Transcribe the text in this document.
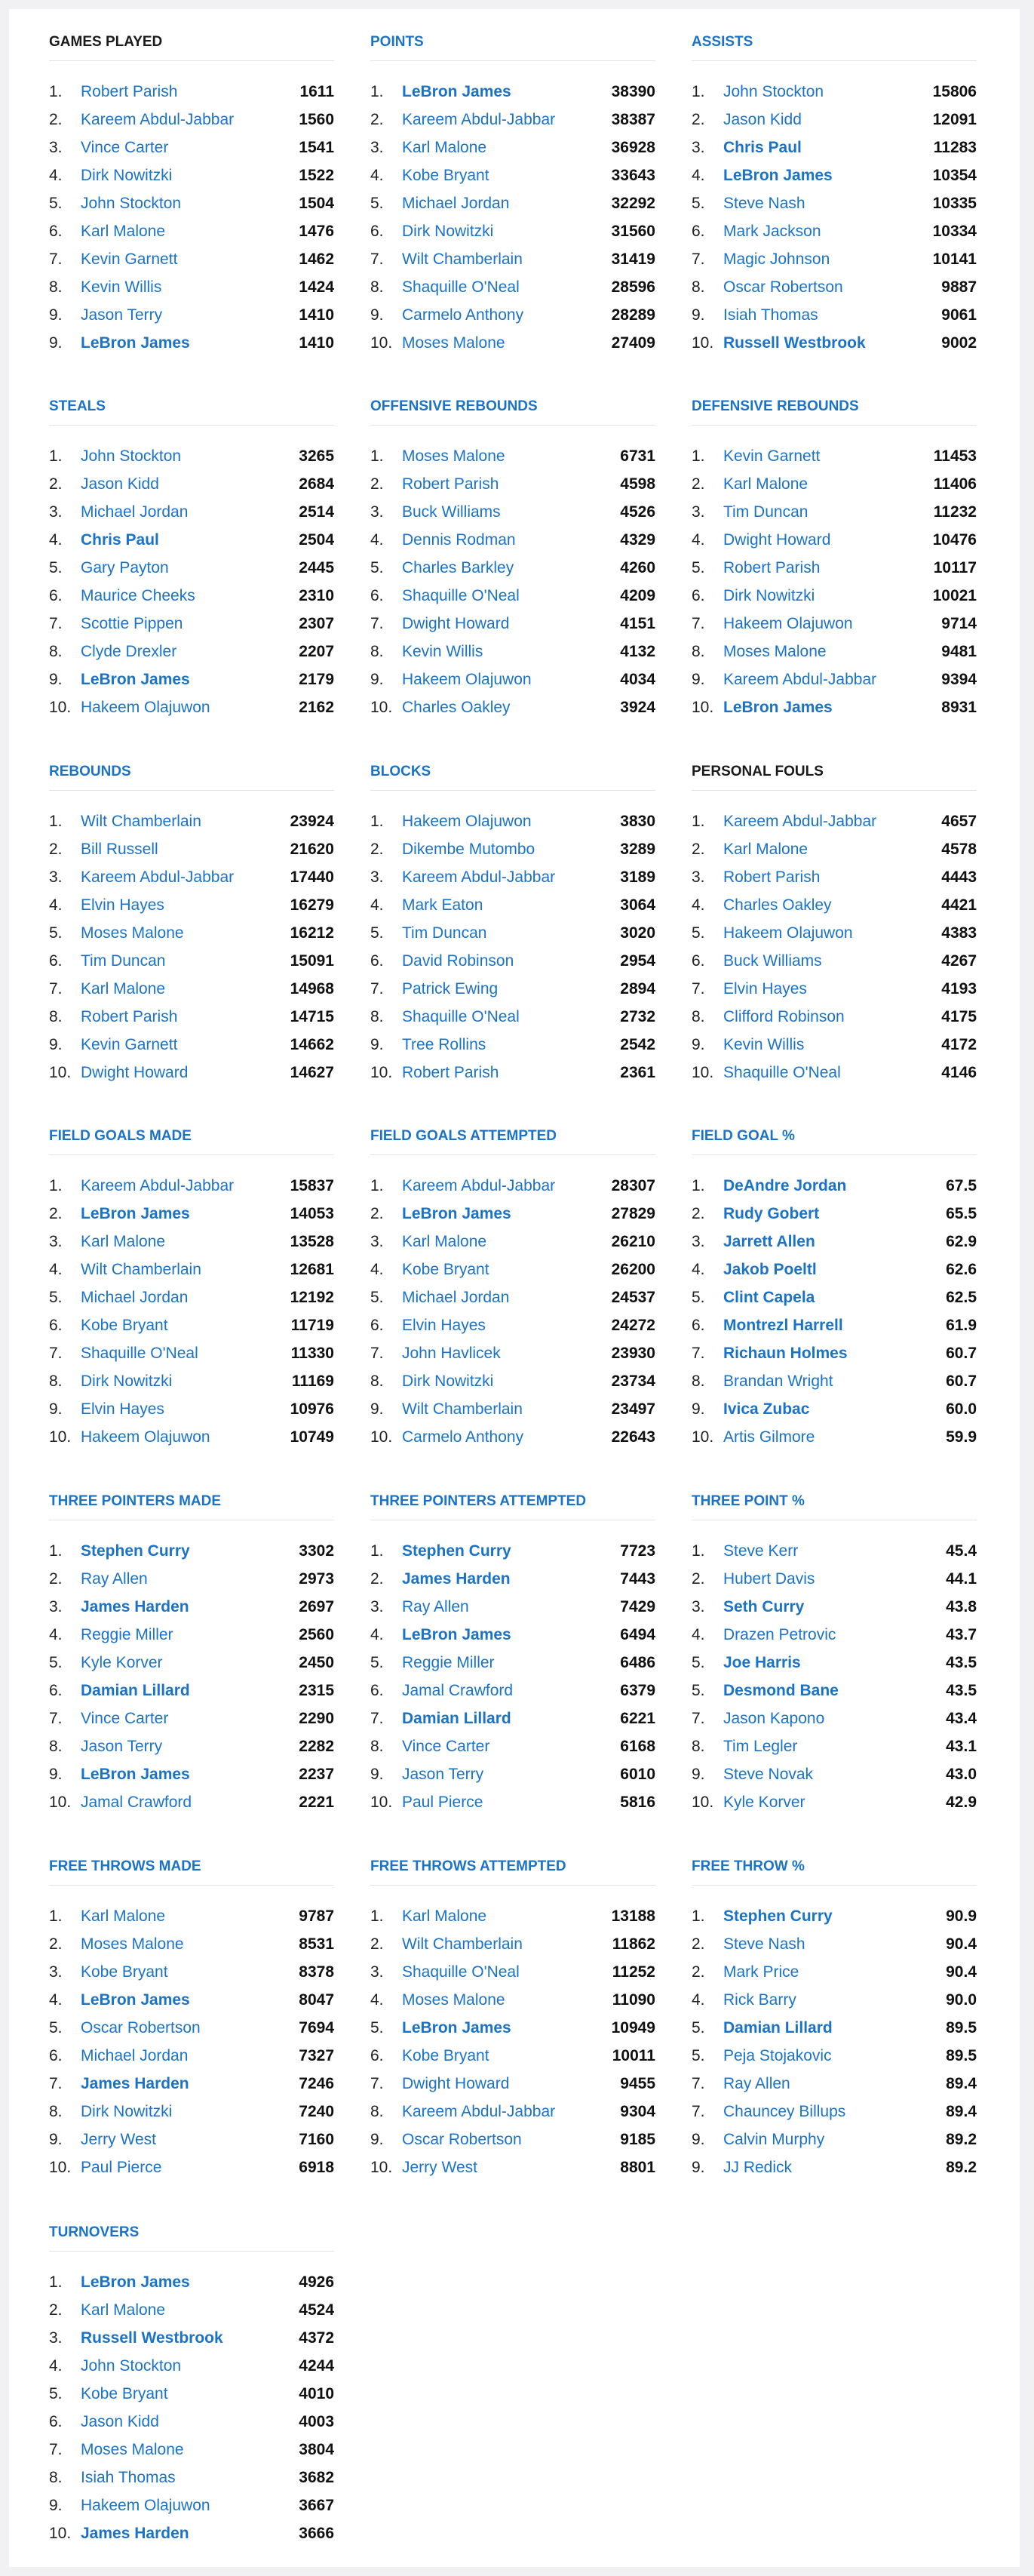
GAMES PLAYED
1.	Robert Parish	1611
2.	Kareem Abdul-Jabbar	1560
3.	Vince Carter	1541
4.	Dirk Nowitzki	1522
5.	John Stockton	1504
6.	Karl Malone	1476
7.	Kevin Garnett	1462
8.	Kevin Willis	1424
9.	Jason Terry	1410
9.	LeBron James	1410
POINTS
1.	LeBron James	38390
2.	Kareem Abdul-Jabbar	38387
3.	Karl Malone	36928
4.	Kobe Bryant	33643
5.	Michael Jordan	32292
6.	Dirk Nowitzki	31560
7.	Wilt Chamberlain	31419
8.	Shaquille O'Neal	28596
9.	Carmelo Anthony	28289
10. Moses Malone	27409
ASSISTS
1.	John Stockton	15806
2.	Jason Kidd	12091
3.	Chris Paul	11283
4.	LeBron James	10354
5.	Steve Nash	10335
6.	Mark Jackson	10334
7.	Magic Johnson	10141
8.	Oscar Robertson	9887
9.	Isiah Thomas	9061
10. Russell Westbrook	9002
STEALS
1.	John Stockton	3265
2.	Jason Kidd	2684
3.	Michael Jordan	2514
4.	Chris Paul	2504
5.	Gary Payton	2445
6.	Maurice Cheeks	2310
7.	Scottie Pippen	2307
8.	Clyde Drexler	2207
9.	LeBron James	2179
10. Hakeem Olajuwon	2162
OFFENSIVE REBOUNDS
1.	Moses Malone	6731
2.	Robert Parish	4598
3.	Buck Williams	4526
4.	Dennis Rodman	4329
5.	Charles Barkley	4260
6.	Shaquille O'Neal	4209
7.	Dwight Howard	4151
8.	Kevin Willis	4132
9.	Hakeem Olajuwon	4034
10. Charles Oakley	3924
DEFENSIVE REBOUNDS
1.	Kevin Garnett	11453
2.	Karl Malone	11406
3.	Tim Duncan	11232
4.	Dwight Howard	10476
5.	Robert Parish	10117
6.	Dirk Nowitzki	10021
7.	Hakeem Olajuwon	9714
8.	Moses Malone	9481
9.	Kareem Abdul-Jabbar	9394
10. LeBron James	8931
REBOUNDS
1.	Wilt Chamberlain	23924
2.	Bill Russell	21620
3.	Kareem Abdul-Jabbar	17440
4.	Elvin Hayes	16279
5.	Moses Malone	16212
6.	Tim Duncan	15091
7.	Karl Malone	14968
8.	Robert Parish	14715
9.	Kevin Garnett	14662
10. Dwight Howard	14627
BLOCKS
1.	Hakeem Olajuwon	3830
2.	Dikembe Mutombo	3289
3.	Kareem Abdul-Jabbar	3189
4.	Mark Eaton	3064
5.	Tim Duncan	3020
6.	David Robinson	2954
7.	Patrick Ewing	2894
8.	Shaquille O'Neal	2732
9.	Tree Rollins	2542
10. Robert Parish	2361
PERSONAL FOULS
1.	Kareem Abdul-Jabbar	4657
2.	Karl Malone	4578
3.	Robert Parish	4443
4.	Charles Oakley	4421
5.	Hakeem Olajuwon	4383
6.	Buck Williams	4267
7.	Elvin Hayes	4193
8.	Clifford Robinson	4175
9.	Kevin Willis	4172
10. Shaquille O'Neal	4146
FIELD GOALS MADE
1.	Kareem Abdul-Jabbar	15837
2.	LeBron James	14053
3.	Karl Malone	13528
4.	Wilt Chamberlain	12681
5.	Michael Jordan	12192
6.	Kobe Bryant	11719
7.	Shaquille O'Neal	11330
8.	Dirk Nowitzki	11169
9.	Elvin Hayes	10976
10. Hakeem Olajuwon	10749
FIELD GOALS ATTEMPTED
1.	Kareem Abdul-Jabbar	28307
2.	LeBron James	27829
3.	Karl Malone	26210
4.	Kobe Bryant	26200
5.	Michael Jordan	24537
6.	Elvin Hayes	24272
7.	John Havlicek	23930
8.	Dirk Nowitzki	23734
9.	Wilt Chamberlain	23497
10. Carmelo Anthony	22643
FIELD GOAL %
1.	DeAndre Jordan	67.5
2.	Rudy Gobert	65.5
3.	Jarrett Allen	62.9
4.	Jakob Poeltl	62.6
5.	Clint Capela	62.5
6.	Montrezl Harrell	61.9
7.	Richaun Holmes	60.7
8.	Brandan Wright	60.7
9.	Ivica Zubac	60.0
10. Artis Gilmore	59.9
THREE POINTERS MADE
1.	Stephen Curry	3302
2.	Ray Allen	2973
3.	James Harden	2697
4.	Reggie Miller	2560
5.	Kyle Korver	2450
6.	Damian Lillard	2315
7.	Vince Carter	2290
8.	Jason Terry	2282
9.	LeBron James	2237
10. Jamal Crawford	2221
THREE POINTERS ATTEMPTED
1.	Stephen Curry	7723
2.	James Harden	7443
3.	Ray Allen	7429
4.	LeBron James	6494
5.	Reggie Miller	6486
6.	Jamal Crawford	6379
7.	Damian Lillard	6221
8.	Vince Carter	6168
9.	Jason Terry	6010
10. Paul Pierce	5816
THREE POINT %
1.	Steve Kerr	45.4
2.	Hubert Davis	44.1
3.	Seth Curry	43.8
4.	Drazen Petrovic	43.7
5.	Joe Harris	43.5
5.	Desmond Bane	43.5
7.	Jason Kapono	43.4
8.	Tim Legler	43.1
9.	Steve Novak	43.0
10. Kyle Korver	42.9
FREE THROWS MADE
1.	Karl Malone	9787
2.	Moses Malone	8531
3.	Kobe Bryant	8378
4.	LeBron James	8047
5.	Oscar Robertson	7694
6.	Michael Jordan	7327
7.	James Harden	7246
8.	Dirk Nowitzki	7240
9.	Jerry West	7160
10. Paul Pierce	6918
FREE THROWS ATTEMPTED
1.	Karl Malone	13188
2.	Wilt Chamberlain	11862
3.	Shaquille O'Neal	11252
4.	Moses Malone	11090
5.	LeBron James	10949
6.	Kobe Bryant	10011
7.	Dwight Howard	9455
8.	Kareem Abdul-Jabbar	9304
9.	Oscar Robertson	9185
10. Jerry West	8801
FREE THROW %
1.	Stephen Curry	90.9
2.	Steve Nash	90.4
2.	Mark Price	90.4
4.	Rick Barry	90.0
5.	Damian Lillard	89.5
5.	Peja Stojakovic	89.5
7.	Ray Allen	89.4
7.	Chauncey Billups	89.4
9.	Calvin Murphy	89.2
9.	JJ Redick	89.2
TURNOVERS
1.	LeBron James	4926
2.	Karl Malone	4524
3.	Russell Westbrook	4372
4.	John Stockton	4244
5.	Kobe Bryant	4010
6.	Jason Kidd	4003
7.	Moses Malone	3804
8.	Isiah Thomas	3682
9.	Hakeem Olajuwon	3667
10. James Harden	3666
